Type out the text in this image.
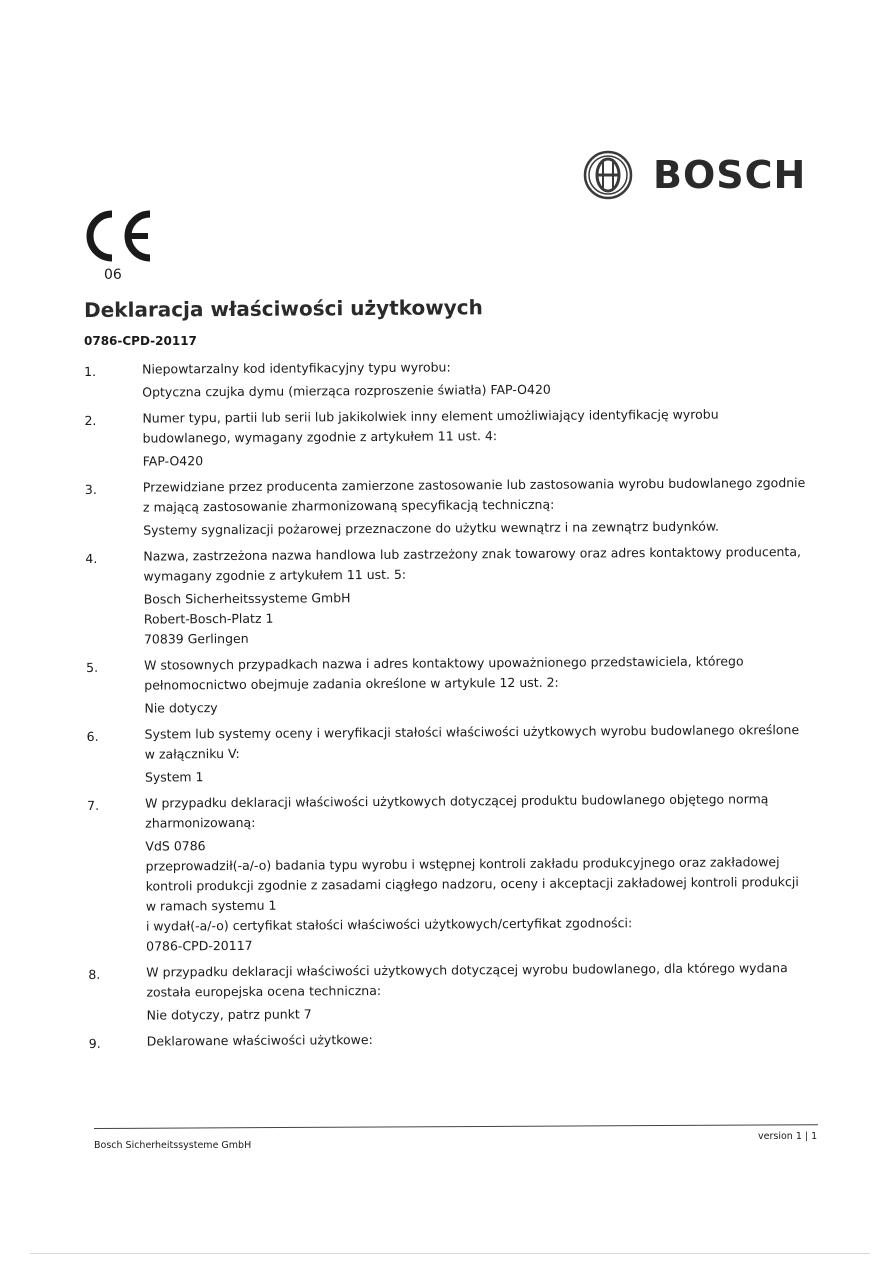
BOSCH
06
Deklaracja właściwości użytkowych
0786-CPD-20117
1.	Niepowtarzalny kod identyfikacyjny typu wyrobu:
Optyczna czujka dymu (mierząca rozproszenie światła) FAP-O420
2.	Numer typu, partii lub serii lub jakikolwiek inny element umożliwiający identyfikację wyrobu
budowlanego, wymagany zgodnie z artykułem 11 ust. 4:
FAP-O420
3.	Przewidziane przez producenta zamierzone zastosowanie lub zastosowania wyrobu budowlanego zgodnie
z mającą zastosowanie zharmonizowaną specyfikacją techniczną:
Systemy sygnalizacji pożarowej przeznaczone do użytku wewnątrz i na zewnątrz budynków.
4.	Nazwa, zastrzeżona nazwa handlowa lub zastrzeżony znak towarowy oraz adres kontaktowy producenta,
wymagany zgodnie z artykułem 11 ust. 5:
Bosch Sicherheitssysteme GmbH
Robert-Bosch-Platz 1
70839 Gerlingen
5.	W stosownych przypadkach nazwa i adres kontaktowy upoważnionego przedstawiciela, którego
pełnomocnictwo obejmuje zadania określone w artykule 12 ust. 2:
Nie dotyczy
6.	System lub systemy oceny i weryfikacji stałości właściwości użytkowych wyrobu budowlanego określone
w załączniku V:
System 1
7.	W przypadku deklaracji właściwości użytkowych dotyczącej produktu budowlanego objętego normą
zharmonizowaną:
VdS 0786
przeprowadził(-a/-o) badania typu wyrobu i wstępnej kontroli zakładu produkcyjnego oraz zakładowej
kontroli produkcji zgodnie z zasadami ciągłego nadzoru, oceny i akceptacji zakładowej kontroli produkcji
w ramach systemu 1
i wydał(-a/-o) certyfikat stałości właściwości użytkowych/certyfikat zgodności:
0786-CPD-20117
8.	W przypadku deklaracji właściwości użytkowych dotyczącej wyrobu budowlanego, dla którego wydana
została europejska ocena techniczna:
Nie dotyczy, patrz punkt 7
9.	Deklarowane właściwości użytkowe:
Bosch Sicherheitssysteme GmbH
version 1 | 1
